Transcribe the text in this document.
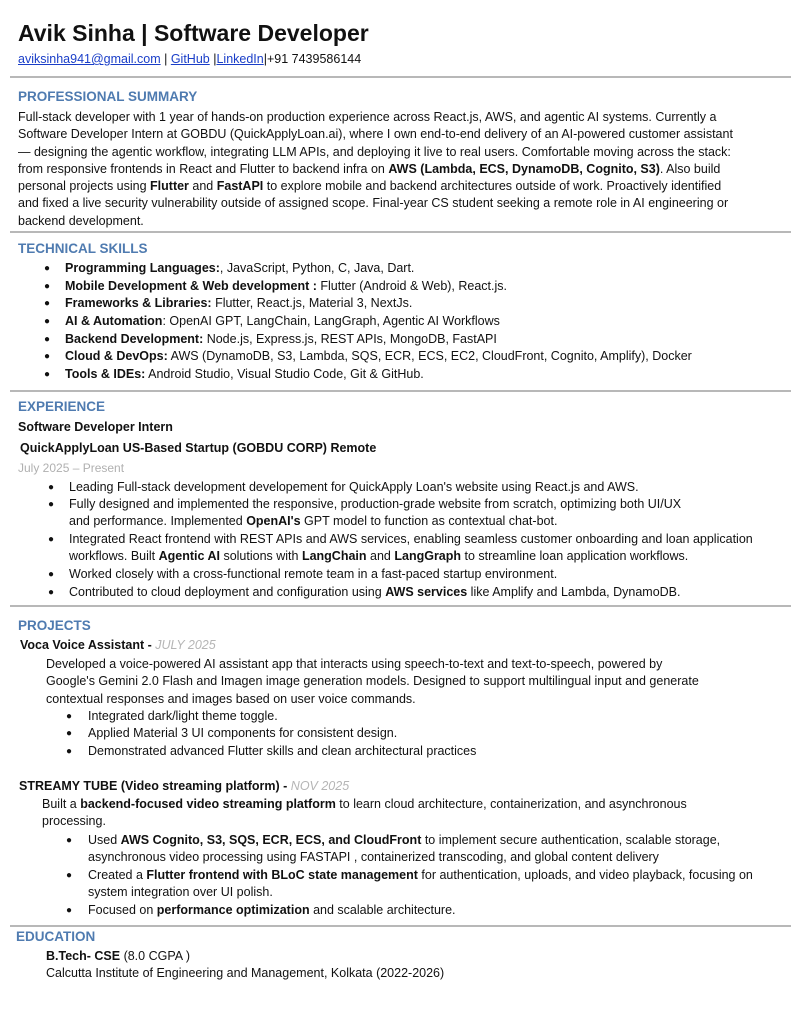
Avik Sinha | Software Developer
aviksinha941@gmail.com | GitHub |LinkedIn|+91 7439586144
PROFESSIONAL SUMMARY
Full-stack developer with 1 year of hands-on production experience across React.js, AWS, and agentic AI systems. Currently a
Software Developer Intern at GOBDU (QuickApplyLoan.ai), where I own end-to-end delivery of an AI-powered customer assistant
— designing the agentic workflow, integrating LLM APIs, and deploying it live to real users. Comfortable moving across the stack:
from responsive frontends in React and Flutter to backend infra on AWS (Lambda, ECS, DynamoDB, Cognito, S3). Also build
personal projects using Flutter and FastAPI to explore mobile and backend architectures outside of work. Proactively identified
and fixed a live security vulnerability outside of assigned scope. Final-year CS student seeking a remote role in AI engineering or
backend development.
TECHNICAL SKILLS
● Programming Languages:, JavaScript, Python, C, Java, Dart.
● Mobile Development & Web development : Flutter (Android & Web), React.js.
● Frameworks & Libraries: Flutter, React.js, Material 3, NextJs.
● AI & Automation: OpenAI GPT, LangChain, LangGraph, Agentic AI Workflows
● Backend Development: Node.js, Express.js, REST APIs, MongoDB, FastAPI
● Cloud & DevOps: AWS (DynamoDB, S3, Lambda, SQS, ECR, ECS, EC2, CloudFront, Cognito, Amplify), Docker
● Tools & IDEs: Android Studio, Visual Studio Code, Git & GitHub.
EXPERIENCE
Software Developer Intern
QuickApplyLoan US-Based Startup (GOBDU CORP) Remote
July 2025 – Present
● Leading Full-stack development developement for QuickApply Loan's website using React.js and AWS.
● Fully designed and implemented the responsive, production-grade website from scratch, optimizing both UI/UX
and performance. Implemented OpenAI's GPT model to function as contextual chat-bot.
● Integrated React frontend with REST APIs and AWS services, enabling seamless customer onboarding and loan application
workflows. Built Agentic AI solutions with LangChain and LangGraph to streamline loan application workflows.
● Worked closely with a cross-functional remote team in a fast-paced startup environment.
● Contributed to cloud deployment and configuration using AWS services like Amplify and Lambda, DynamoDB.
PROJECTS
Voca Voice Assistant - JULY 2025
Developed a voice-powered AI assistant app that interacts using speech-to-text and text-to-speech, powered by
Google's Gemini 2.0 Flash and Imagen image generation models. Designed to support multilingual input and generate
contextual responses and images based on user voice commands.
● Integrated dark/light theme toggle.
● Applied Material 3 UI components for consistent design.
● Demonstrated advanced Flutter skills and clean architectural practices
STREAMY TUBE (Video streaming platform) - NOV 2025
Built a backend-focused video streaming platform to learn cloud architecture, containerization, and asynchronous
processing.
● Used AWS Cognito, S3, SQS, ECR, ECS, and CloudFront to implement secure authentication, scalable storage,
asynchronous video processing using FASTAPI , containerized transcoding, and global content delivery
● Created a Flutter frontend with BLoC state management for authentication, uploads, and video playback, focusing on
system integration over UI polish.
● Focused on performance optimization and scalable architecture.
EDUCATION
B.Tech- CSE (8.0 CGPA )
Calcutta Institute of Engineering and Management, Kolkata (2022-2026)
